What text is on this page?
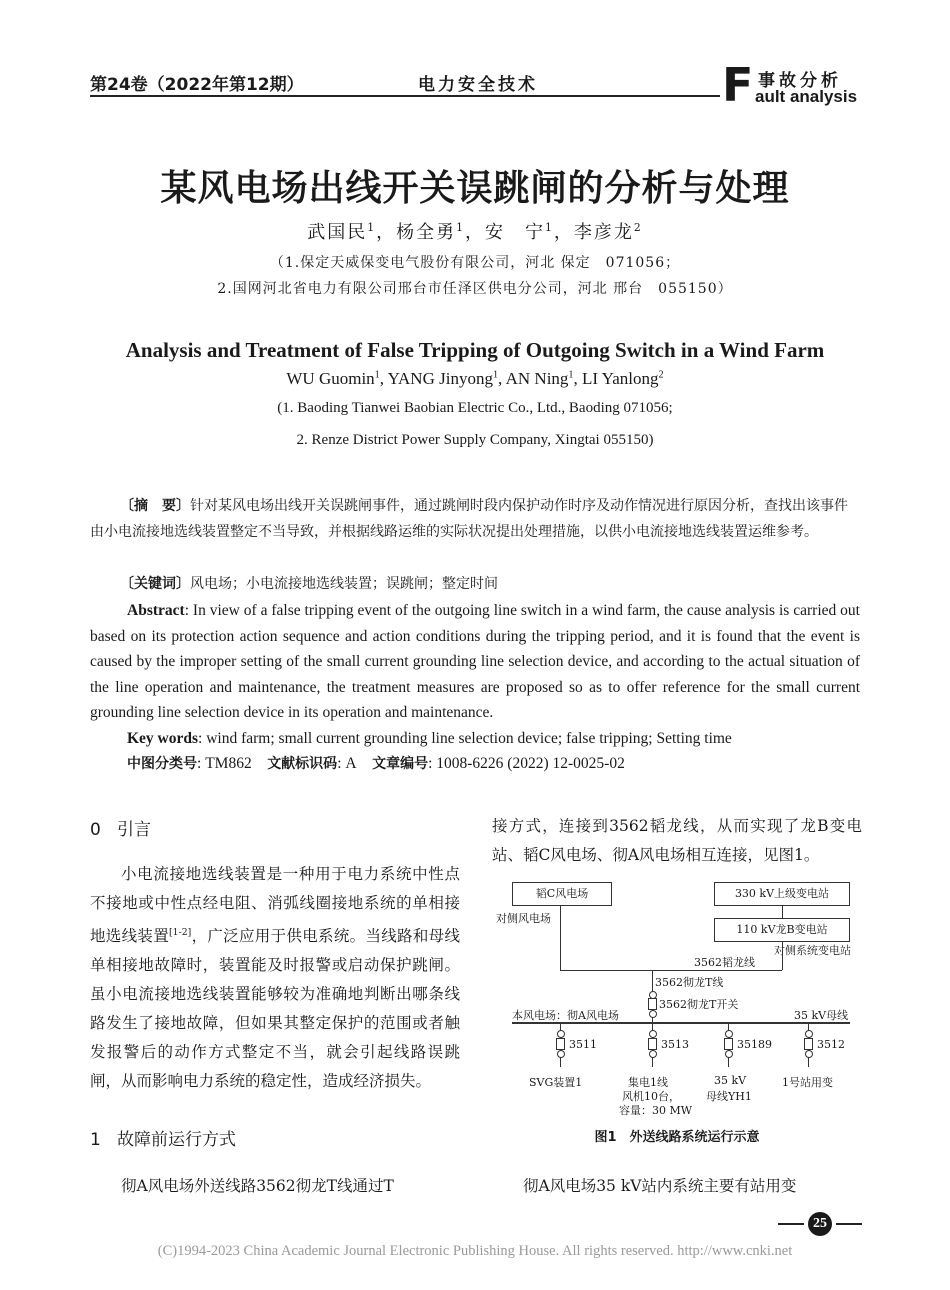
第24卷（2022年第12期）	电力安全技术	F 事故分析
ault analysis
某风电场出线开关误跳闸的分析与处理
武国民$^1$，杨全勇$^1$，安　宁$^1$，李彦龙$^2$
（1.保定天威保变电气股份有限公司，河北 保定　071056；
2.国网河北省电力有限公司邢台市任泽区供电分公司，河北 邢台　055150）
Analysis and Treatment of False Tripping of Outgoing Switch in a Wind Farm
WU Guomin$^1$, YANG Jinyong$^1$, AN Ning$^1$, LI Yanlong$^2$
(1. Baoding Tianwei Baobian Electric Co., Ltd., Baoding 071056;
2. Renze District Power Supply Company, Xingtai 055150)
〔摘　要〕针对某风电场出线开关误跳闸事件，通过跳闸时段内保护动作时序及动作情况进行原因分析，查找出该事件由小电流接地选线装置整定不当导致，并根据线路运维的实际状况提出处理措施，以供小电流接地选线装置运维参考。
〔关键词〕风电场；小电流接地选线装置；误跳闸；整定时间
Abstract: In view of a false tripping event of the outgoing line switch in a wind farm, the cause analysis is carried out based on its protection action sequence and action conditions during the tripping period, and it is found that the event is caused by the improper setting of the small current grounding line selection device, and according to the actual situation of the line operation and maintenance, the treatment measures are proposed so as to offer reference for the small current grounding line selection device in its operation and maintenance.
Key words: wind farm; small current grounding line selection device; false tripping; Setting time
中图分类号: TM862 文献标识码: A 文章编号: 1008-6226 (2022) 12-0025-02
0 引言
小电流接地选线装置是一种用于电力系统中性点不接地或中性点经电阻、消弧线圈接地系统的单相接地选线装置[1-2]，广泛应用于供电系统。当线路和母线单相接地故障时，装置能及时报警或启动保护跳闸。虽小电流接地选线装置能够较为准确地判断出哪条线路发生了接地故障，但如果其整定保护的范围或者触发报警后的动作方式整定不当，就会引起线路误跳闸，从而影响电力系统的稳定性，造成经济损失。
1 故障前运行方式
彻A风电场外送线路3562彻龙T线通过T
接方式，连接到3562韬龙线，从而实现了龙B变电站、韬C风电场、彻A风电场相互连接，见图1。
韬C风电场
对侧风电场
330 kV上级变电站
110 kV龙B变电站
对侧系统变电站
3562韬龙线
3562彻龙T线
3562彻龙T开关
本风电场：彻A风电场	35 kV母线
3511
SVG装置1
3513
集电1线
风机10台，
容量：30 MW
35189
35 kV
母线YH1
3512
1号站用变
图1　外送线路系统运行示意
彻A风电场35 kV站内系统主要有站用变
25
(C)1994-2023 China Academic Journal Electronic Publishing House. All rights reserved. http://www.cnki.net
